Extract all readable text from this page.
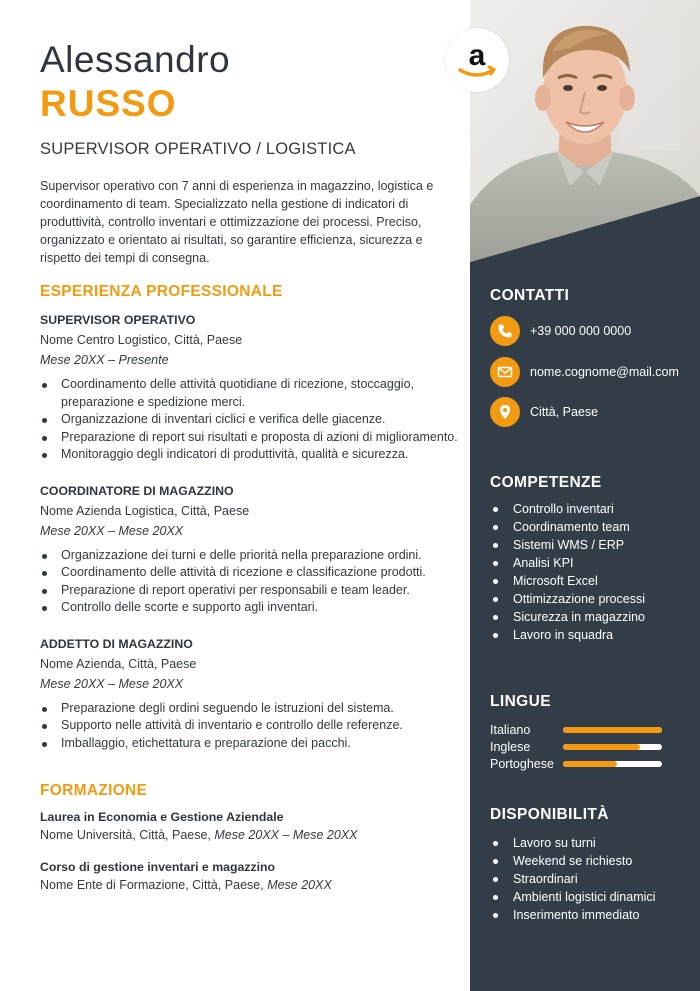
Alessandro
RUSSO
SUPERVISOR OPERATIVO / LOGISTICA

Supervisor operativo con 7 anni di esperienza in magazzino, logistica e coordinamento di team. Specializzato nella gestione di indicatori di produttività, controllo inventari e ottimizzazione dei processi. Preciso, organizzato e orientato ai risultati, so garantire efficienza, sicurezza e rispetto dei tempi di consegna.

ESPERIENZA PROFESSIONALE
SUPERVISOR OPERATIVO
Nome Centro Logistico, Città, Paese
Mese 20XX – Presente
Coordinamento delle attività quotidiane di ricezione, stoccaggio, preparazione e spedizione merci.
Organizzazione di inventari ciclici e verifica delle giacenze.
Preparazione di report sui risultati e proposta di azioni di miglioramento.
Monitoraggio degli indicatori di produttività, qualità e sicurezza.
COORDINATORE DI MAGAZZINO
Nome Azienda Logistica, Città, Paese
Mese 20XX – Mese 20XX
Organizzazione dei turni e delle priorità nella preparazione ordini.
Coordinamento delle attività di ricezione e classificazione prodotti.
Preparazione di report operativi per responsabili e team leader.
Controllo delle scorte e supporto agli inventari.
ADDETTO DI MAGAZZINO
Nome Azienda, Città, Paese
Mese 20XX – Mese 20XX
Preparazione degli ordini seguendo le istruzioni del sistema.
Supporto nelle attività di inventario e controllo delle referenze.
Imballaggio, etichettatura e preparazione dei pacchi.
FORMAZIONE
Laurea in Economia e Gestione Aziendale
Nome Università, Città, Paese, Mese 20XX – Mese 20XX
Corso di gestione inventari e magazzino
Nome Ente di Formazione, Città, Paese, Mese 20XX
a
CONTATTI
+39 000 000 0000
nome.cognome@mail.com
Città, Paese
COMPETENZE
Controllo inventari
Coordinamento team
Sistemi WMS / ERP
Analisi KPI
Microsoft Excel
Ottimizzazione processi
Sicurezza in magazzino
Lavoro in squadra
LINGUE
Italiano
Inglese
Portoghese
DISPONIBILITÀ
Lavoro su turni
Weekend se richiesto
Straordinari
Ambienti logistici dinamici
Inserimento immediato
